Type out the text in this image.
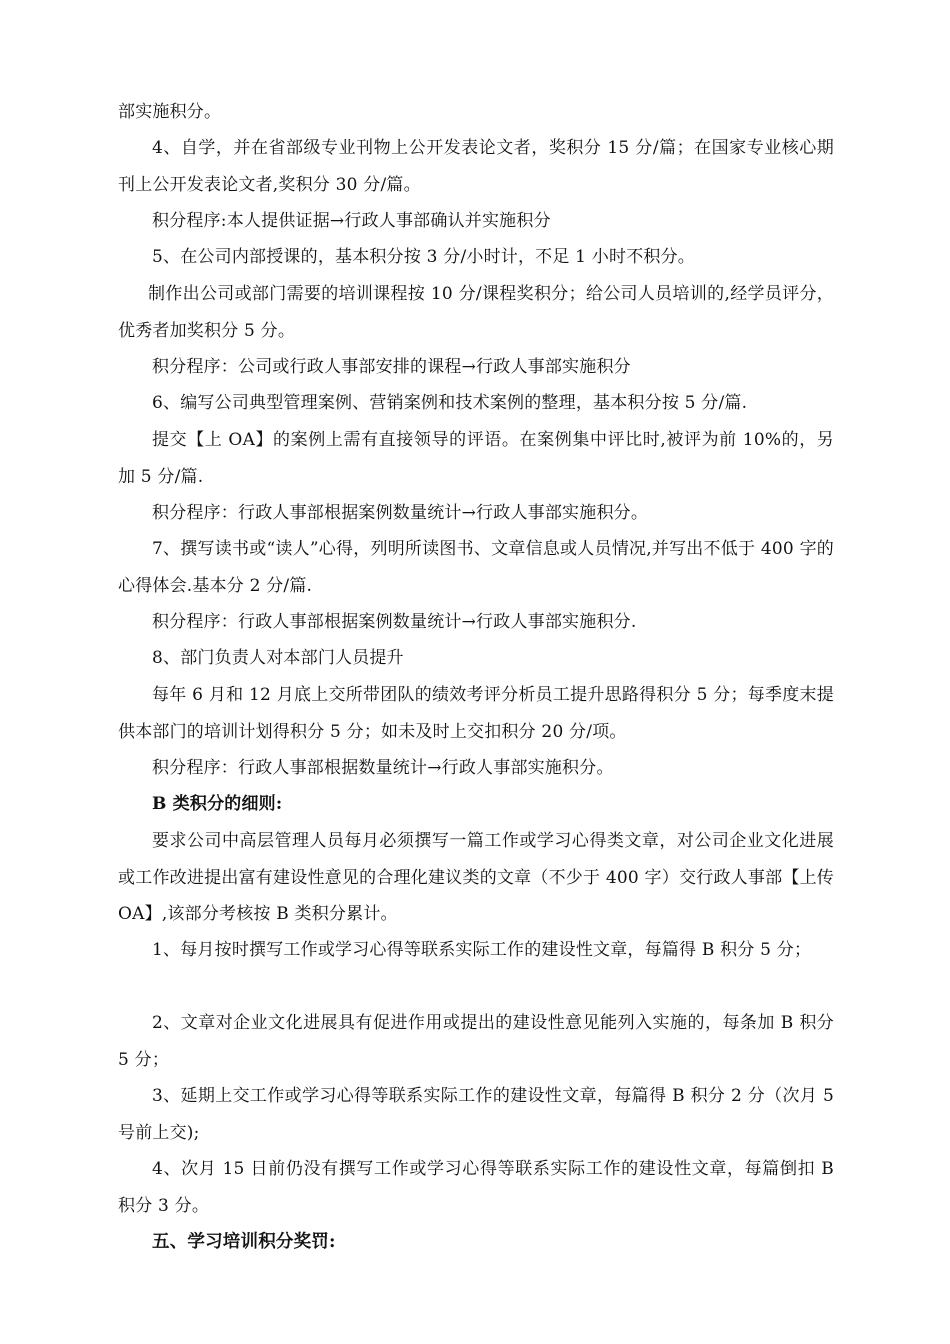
部实施积分。

4、自学，并在省部级专业刊物上公开发表论文者，奖积分 15 分/篇；在国家专业核心期刊上公开发表论文者,奖积分 30 分/篇。

积分程序:本人提供证据→行政人事部确认并实施积分

5、在公司内部授课的，基本积分按 3 分/小时计，不足 1 小时不积分。

制作出公司或部门需要的培训课程按 10 分/课程奖积分；给公司人员培训的,经学员评分，优秀者加奖积分 5 分。

积分程序：公司或行政人事部安排的课程→行政人事部实施积分

6、编写公司典型管理案例、营销案例和技术案例的整理，基本积分按 5 分/篇.

提交【上 OA】的案例上需有直接领导的评语。在案例集中评比时,被评为前 10%的，另加 5 分/篇.

积分程序：行政人事部根据案例数量统计→行政人事部实施积分。

7、撰写读书或“读人”心得，列明所读图书、文章信息或人员情况,并写出不低于 400 字的心得体会.基本分 2 分/篇.

积分程序：行政人事部根据案例数量统计→行政人事部实施积分.

8、部门负责人对本部门人员提升

每年 6 月和 12 月底上交所带团队的绩效考评分析员工提升思路得积分 5 分；每季度末提供本部门的培训计划得积分 5 分；如未及时上交扣积分 20 分/项。

积分程序：行政人事部根据数量统计→行政人事部实施积分。

B 类积分的细则:

要求公司中高层管理人员每月必须撰写一篇工作或学习心得类文章，对公司企业文化进展或工作改进提出富有建设性意见的合理化建议类的文章（不少于 400 字）交行政人事部【上传 OA】,该部分考核按 B 类积分累计。

1、每月按时撰写工作或学习心得等联系实际工作的建设性文章，每篇得 B 积分 5 分；

2、文章对企业文化进展具有促进作用或提出的建设性意见能列入实施的，每条加 B 积分 5 分；

3、延期上交工作或学习心得等联系实际工作的建设性文章，每篇得 B 积分 2 分（次月 5 号前上交);

4、次月 15 日前仍没有撰写工作或学习心得等联系实际工作的建设性文章，每篇倒扣 B 积分 3 分。

五、学习培训积分奖罚:
